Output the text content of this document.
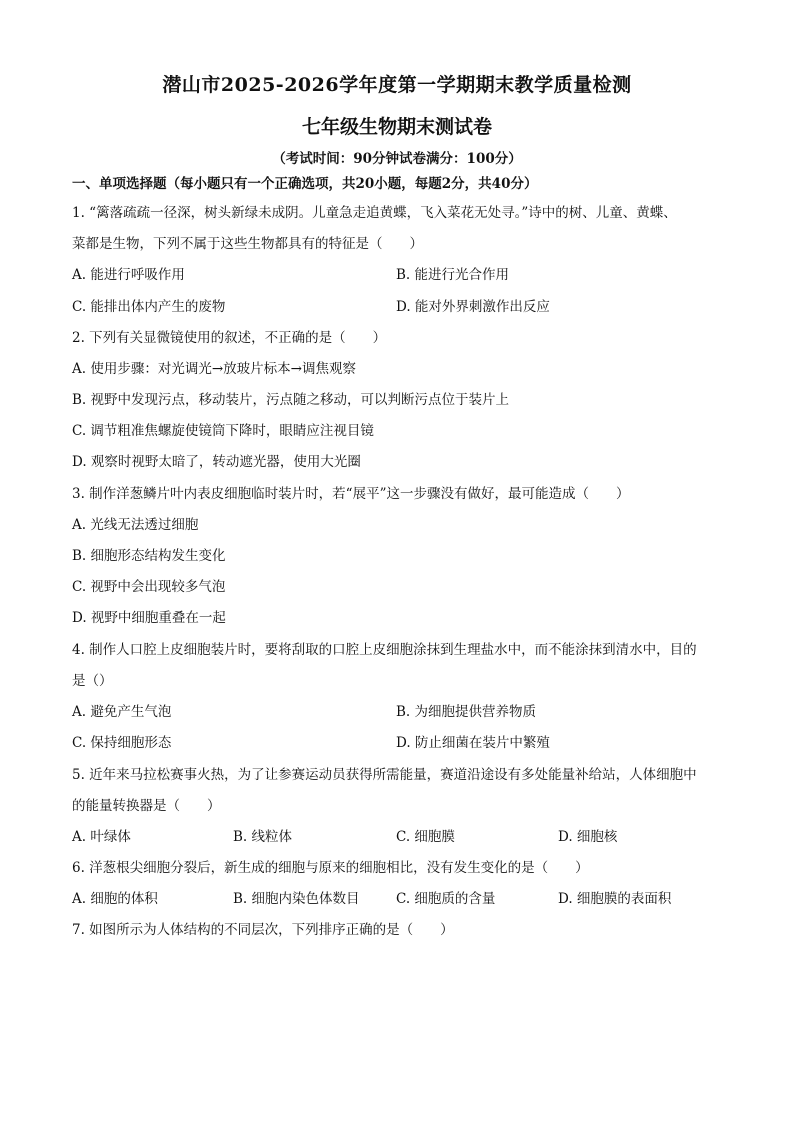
潜山市2025-2026学年度第一学期期末教学质量检测
七年级生物期末测试卷
（考试时间：90分钟试卷满分：100分）
一、单项选择题（每小题只有一个正确选项，共20小题，每题2分，共40分）
1. “篱落疏疏一径深，树头新绿未成阴。儿童急走追黄蝶，飞入菜花无处寻。”诗中的树、儿童、黄蝶、
菜都是生物，下列不属于这些生物都具有的特征是（　　）
A. 能进行呼吸作用	B. 能进行光合作用
C. 能排出体内产生的废物	D. 能对外界刺激作出反应
2. 下列有关显微镜使用的叙述，不正确的是（　　）
A. 使用步骤：对光调光→放玻片标本→调焦观察
B. 视野中发现污点，移动装片，污点随之移动，可以判断污点位于装片上
C. 调节粗准焦螺旋使镜筒下降时，眼睛应注视目镜
D. 观察时视野太暗了，转动遮光器，使用大光圈
3. 制作洋葱鳞片叶内表皮细胞临时装片时，若“展平”这一步骤没有做好，最可能造成（　　）
A. 光线无法透过细胞
B. 细胞形态结构发生变化
C. 视野中会出现较多气泡
D. 视野中细胞重叠在一起
4. 制作人口腔上皮细胞装片时，要将刮取的口腔上皮细胞涂抹到生理盐水中，而不能涂抹到清水中，目的
是（）
A. 避免产生气泡	B. 为细胞提供营养物质
C. 保持细胞形态	D. 防止细菌在装片中繁殖
5. 近年来马拉松赛事火热，为了让参赛运动员获得所需能量，赛道沿途设有多处能量补给站，人体细胞中
的能量转换器是（　　）
A. 叶绿体	B. 线粒体	C. 细胞膜	D. 细胞核
6. 洋葱根尖细胞分裂后，新生成的细胞与原来的细胞相比，没有发生变化的是（　　）
A. 细胞的体积	B. 细胞内染色体数目	C. 细胞质的含量	D. 细胞膜的表面积
7. 如图所示为人体结构的不同层次，下列排序正确的是（　　）
